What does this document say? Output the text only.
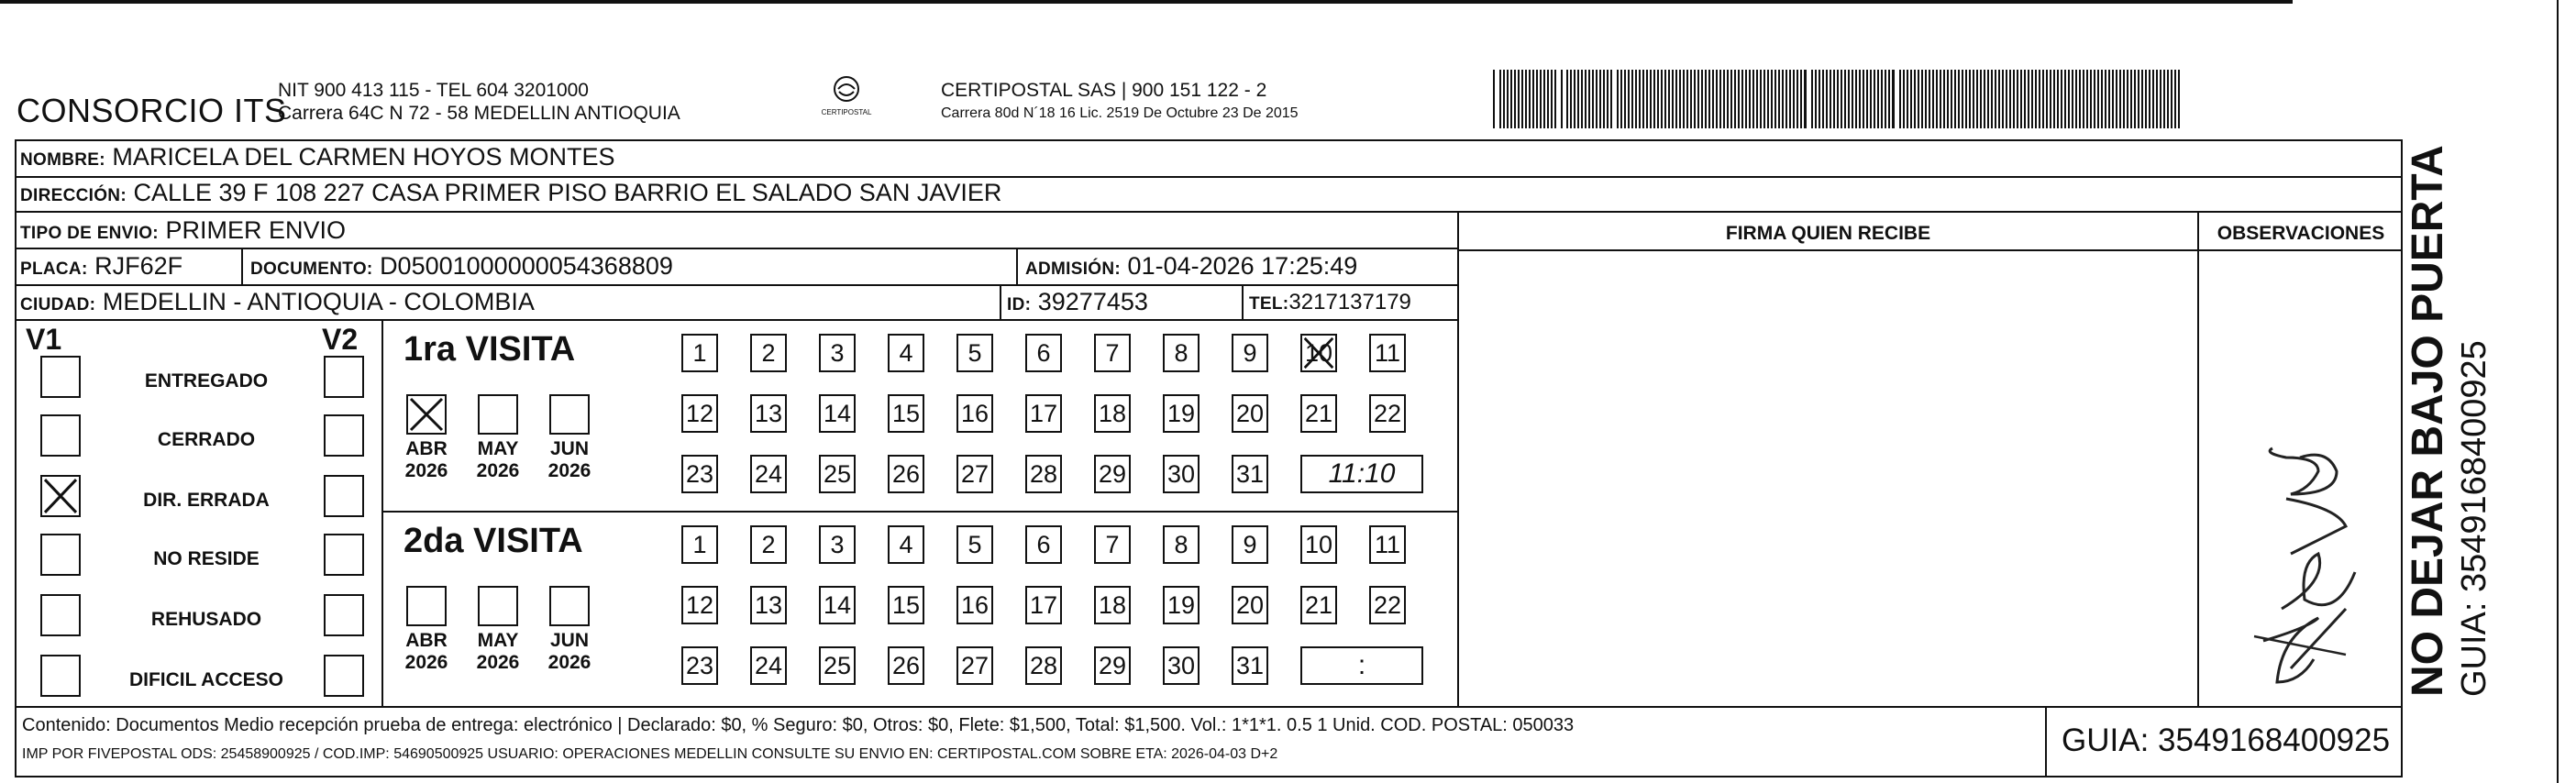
CONSORCIO ITS
NIT 900 413 115 - TEL 604 3201000
Carrera 64C N 72 - 58 MEDELLIN ANTIOQUIA	CERTIPOSTAL
CERTIPOSTAL SAS | 900 151 122 - 2
Carrera 80d N´18 16 Lic. 2519 De Octubre 23 De 2015
NOMBRE: MARICELA DEL CARMEN HOYOS MONTES
DIRECCIÓN: CALLE 39 F 108 227 CASA PRIMER PISO BARRIO EL SALADO SAN JAVIER
TIPO DE ENVIO: PRIMER ENVIO
PLACA: RJF62F	DOCUMENTO: D05001000000054368809	ADMISIÓN: 01-04-2026 17:25:49
CIUDAD: MEDELLIN - ANTIOQUIA - COLOMBIA	ID: 39277453	TEL:3217137179
FIRMA QUIEN RECIBE	OBSERVACIONES
V1	V2
ENTREGADO
CERRADO
DIR. ERRADA
NO RESIDE
REHUSADO
DIFICIL ACCESO
1ra VISITA
ABR
2026
MAY
2026
JUN
2026
1	2	3	4	5	6	7	8	9	10 11
12 13 14 15 16 17 18 19 20 21 22
23 24 25 26 27 28 29 30 31	11:10
2da VISITA
ABR
2026
MAY
2026
JUN
2026
1	2	3	4	5	6	7	8	9	10 11
12 13 14 15 16 17 18 19 20 21 22
23 24 25 26 27 28 29 30 31	:
Contenido: Documentos Medio recepción prueba de entrega: electrónico | Declarado: $0, % Seguro: $0, Otros: $0, Flete: $1,500, Total: $1,500. Vol.: 1*1*1. 0.5 1 Unid. COD. POSTAL: 050033
IMP POR FIVEPOSTAL ODS: 25458900925 / COD.IMP: 54690500925 USUARIO: OPERACIONES MEDELLIN CONSULTE SU ENVIO EN: CERTIPOSTAL.COM SOBRE ETA: 2026-04-03 D+2	GUIA: 3549168400925
NO DEJAR BAJO PUERTA GUIA: 3549168400925
